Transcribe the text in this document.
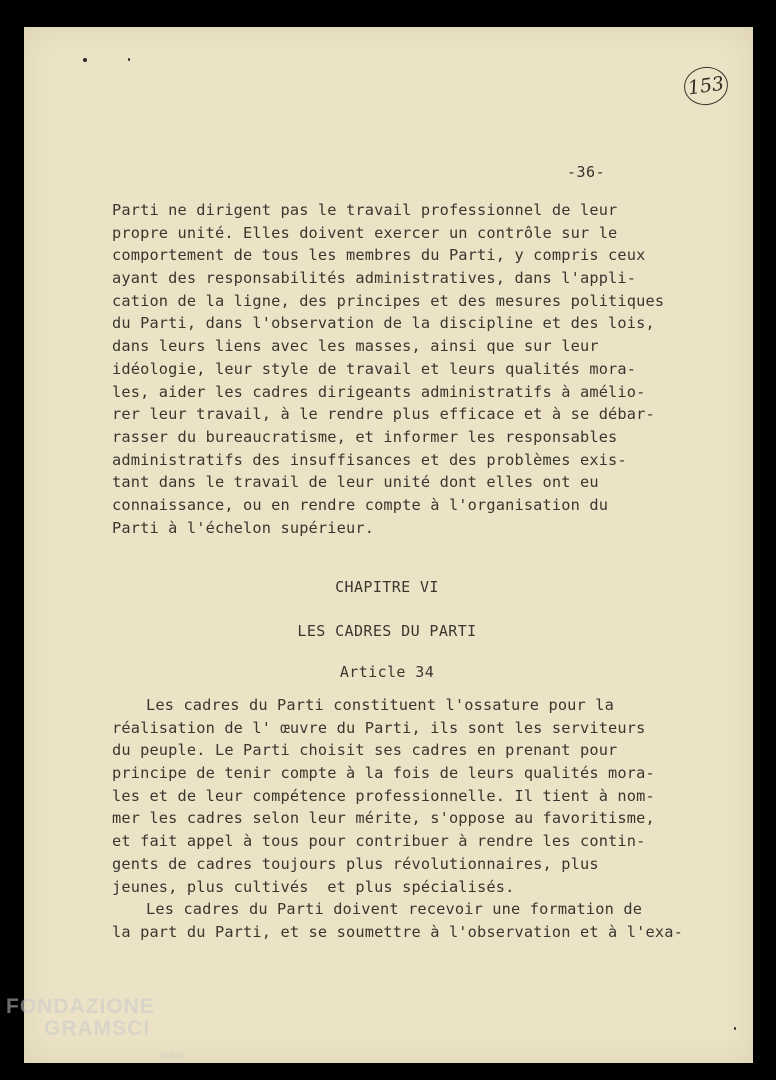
153
-36-
Parti ne dirigent pas le travail professionnel de leur
propre unité. Elles doivent exercer un contrôle sur le
comportement de tous les membres du Parti, y compris ceux
ayant des responsabilités administratives, dans l'appli-
cation de la ligne, des principes et des mesures politiques
du Parti, dans l'observation de la discipline et des lois,
dans leurs liens avec les masses, ainsi que sur leur
idéologie, leur style de travail et leurs qualités mora-
les, aider les cadres dirigeants administratifs à amélio-
rer leur travail, à le rendre plus efficace et à se débar-
rasser du bureaucratisme, et informer les responsables
administratifs des insuffisances et des problèmes exis-
tant dans le travail de leur unité dont elles ont eu
connaissance, ou en rendre compte à l'organisation du
Parti à l'échelon supérieur.
CHAPITRE VI
LES CADRES DU PARTI
Article 34
Les cadres du Parti constituent l'ossature pour la
réalisation de l' œuvre du Parti, ils sont les serviteurs
du peuple. Le Parti choisit ses cadres en prenant pour
principe de tenir compte à la fois de leurs qualités mora-
les et de leur compétence professionnelle. Il tient à nom-
mer les cadres selon leur mérite, s'oppose au favoritisme,
et fait appel à tous pour contribuer à rendre les contin-
gents de cadres toujours plus révolutionnaires, plus
jeunes, plus cultivés  et plus spécialisés.
Les cadres du Parti doivent recevoir une formation de
la part du Parti, et se soumettre à l'observation et à l'exa-
FONDAZIONE
GRAMSCI
onlus
